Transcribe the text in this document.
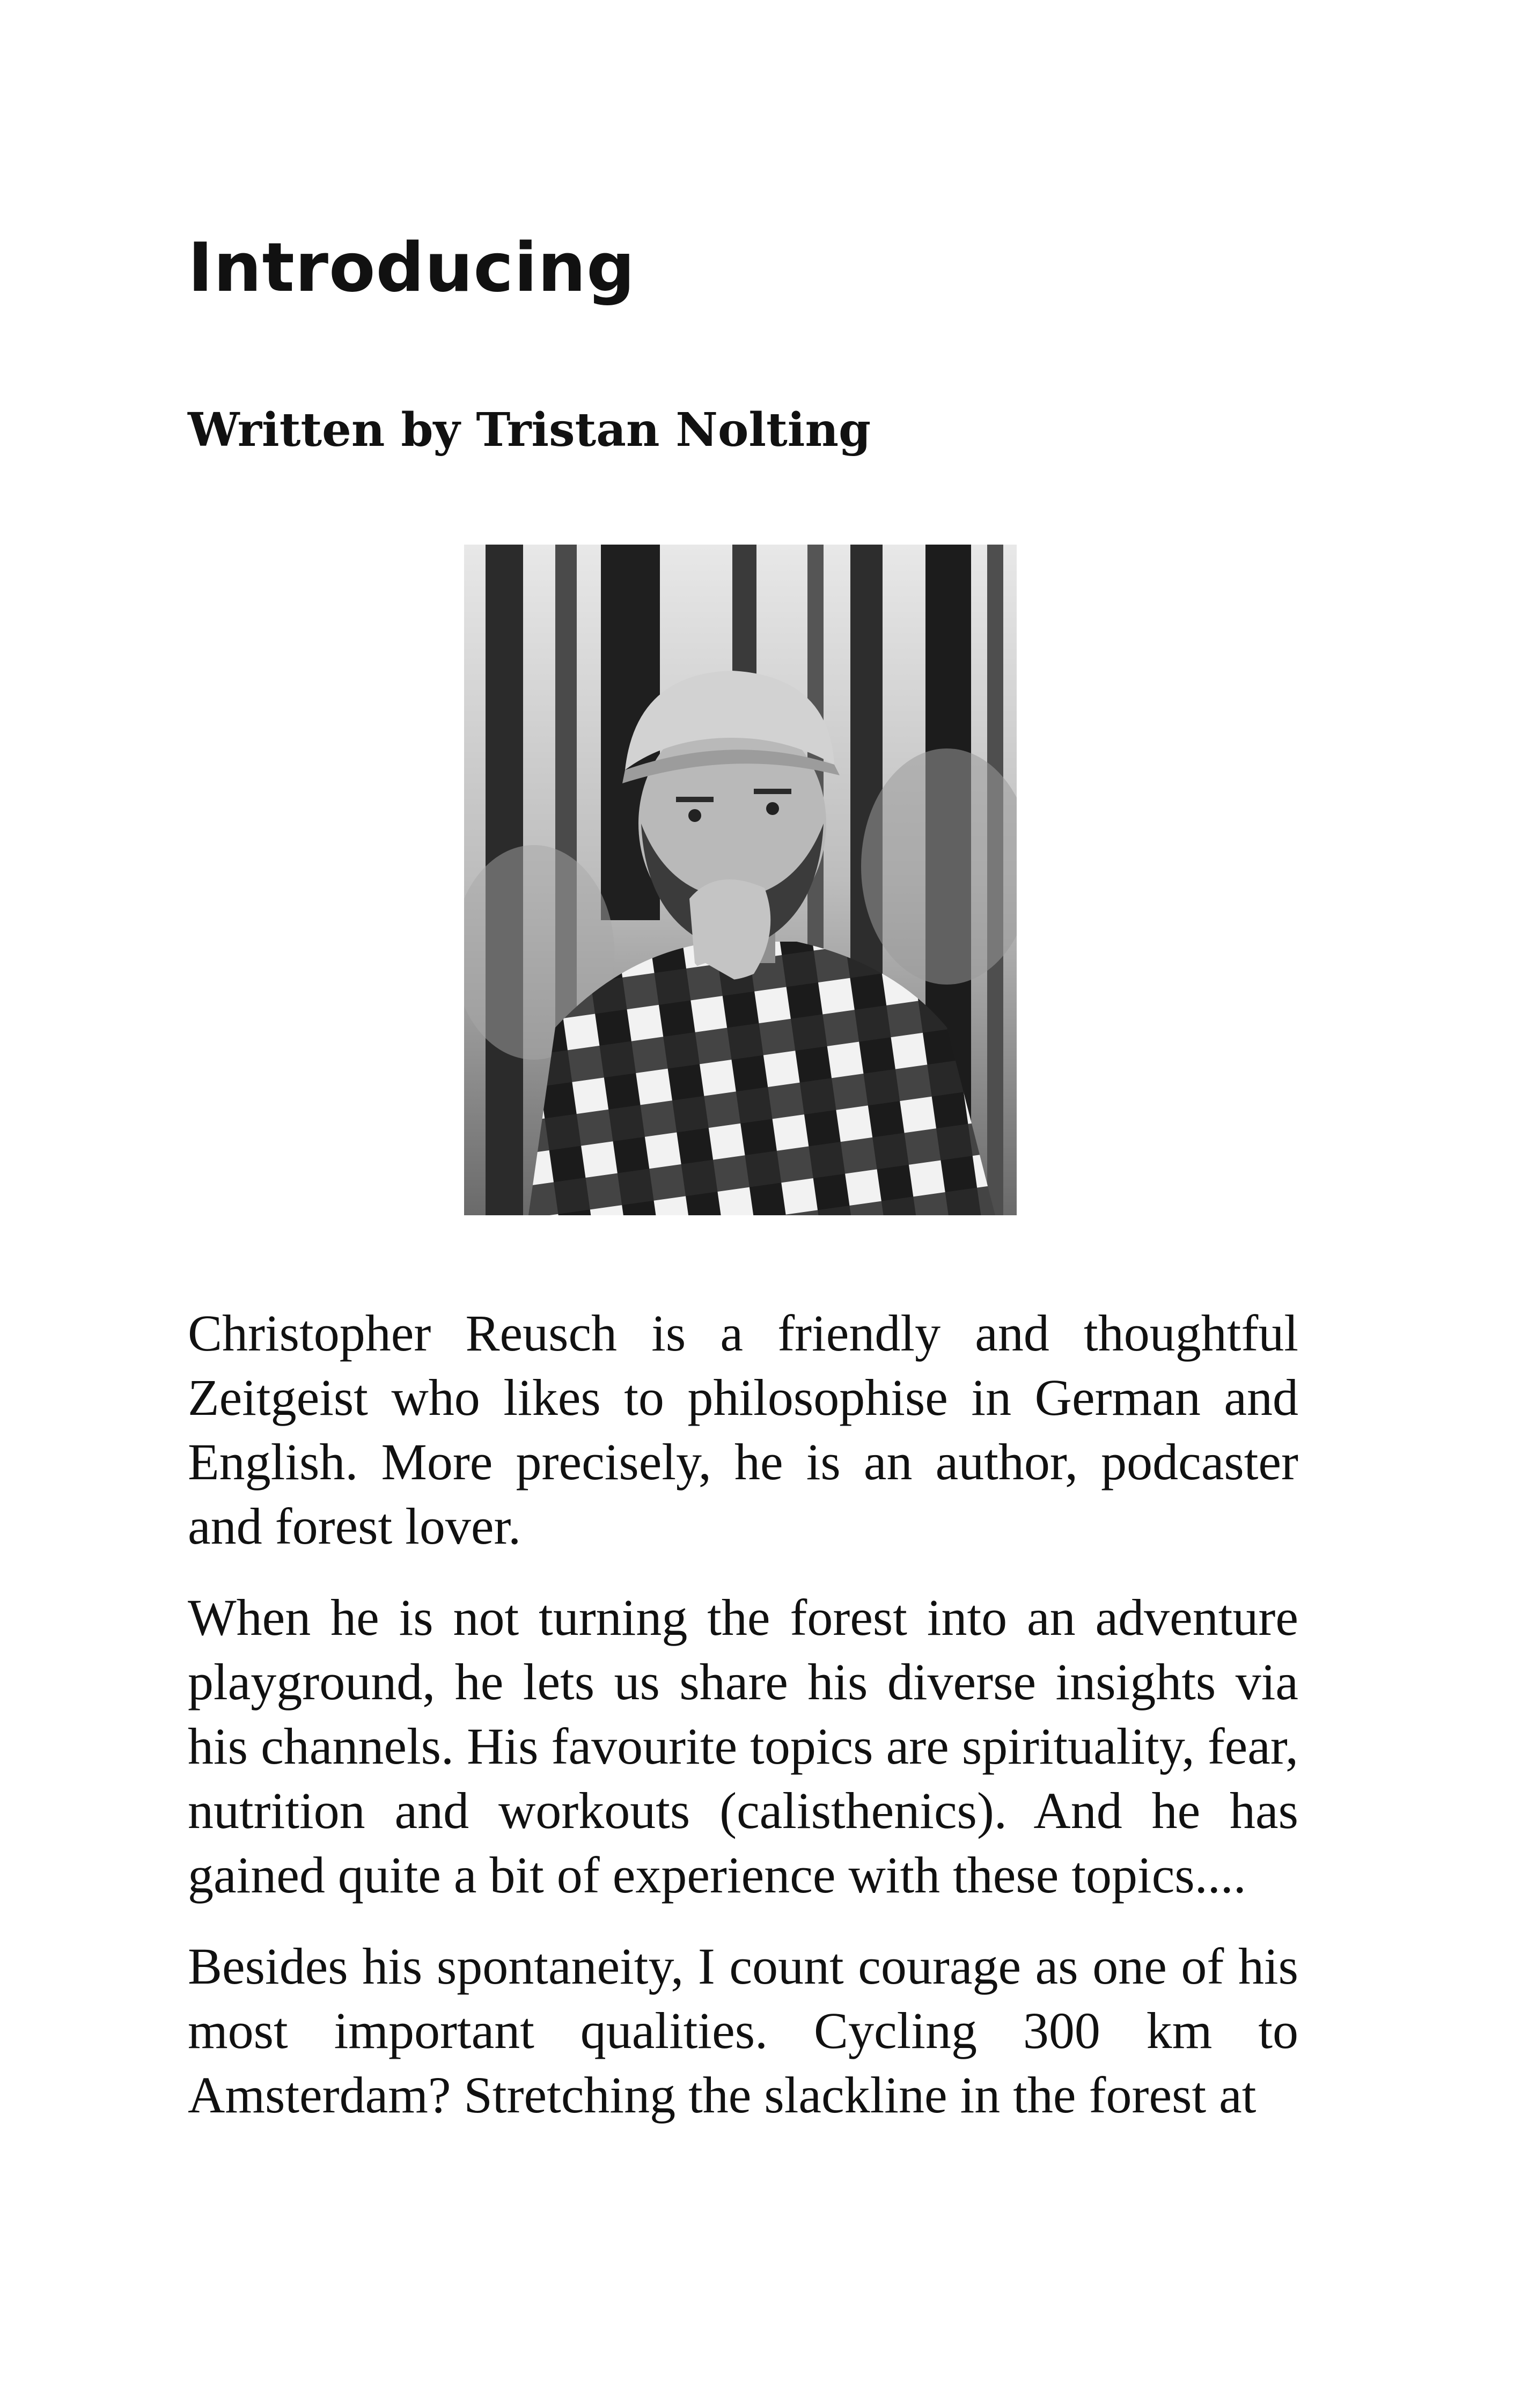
Introducing
Written by Tristan Nolting

Christopher Reusch is a friendly and thoughtful Zeitgeist who likes to philosophise in German and English. More precisely, he is an author, podcaster and forest lover.

When he is not turning the forest into an adventure playground, he lets us share his diverse insights via his channels. His favourite topics are spirituality, fear, nutrition and workouts (calisthenics). And he has gained quite a bit of experience with these topics....

Besides his spontaneity, I count courage as one of his most important qualities. Cycling 300 km to Amsterdam? Stretching the slackline in the forest at
